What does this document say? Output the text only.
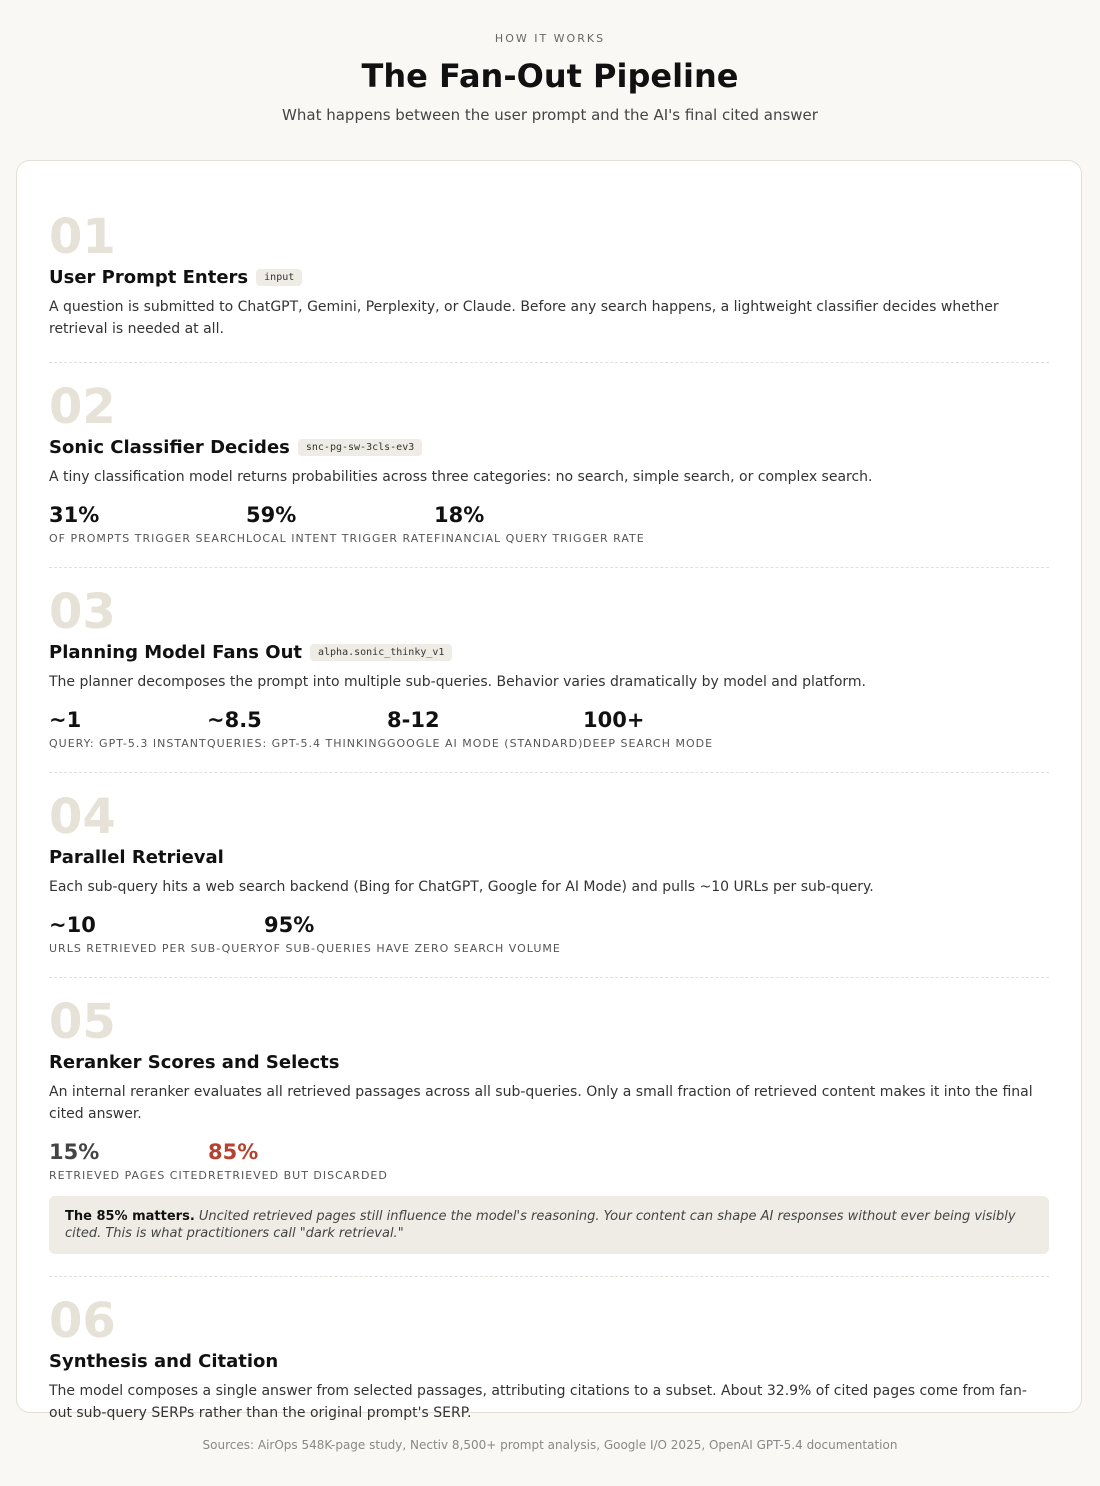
HOW IT WORKS
The Fan-Out Pipeline
What happens between the user prompt and the AI's final cited answer
01
User Prompt Enters	input
A question is submitted to ChatGPT, Gemini, Perplexity, or Claude. Before any search happens, a lightweight classifier decides whether retrieval is needed at all.
02
Sonic Classifier Decides	snc-pg-sw-3cls-ev3
A tiny classification model returns probabilities across three categories: no search, simple search, or complex search.
31%
OF PROMPTS TRIGGER SEARCH
59%
LOCAL INTENT TRIGGER RATE
18%
FINANCIAL QUERY TRIGGER RATE
03
Planning Model Fans Out	alpha.sonic_thinky_v1
The planner decomposes the prompt into multiple sub-queries. Behavior varies dramatically by model and platform.
~1
QUERY: GPT-5.3 INSTANT
~8.5
QUERIES: GPT-5.4 THINKING
8-12
GOOGLE AI MODE (STANDARD)
100+
DEEP SEARCH MODE
04
Parallel Retrieval
Each sub-query hits a web search backend (Bing for ChatGPT, Google for AI Mode) and pulls ~10 URLs per sub-query.
~10
URLS RETRIEVED PER SUB-QUERY
95%
OF SUB-QUERIES HAVE ZERO SEARCH VOLUME
05
Reranker Scores and Selects
An internal reranker evaluates all retrieved passages across all sub-queries. Only a small fraction of retrieved content makes it into the final cited answer.
15%
RETRIEVED PAGES CITED
85%
RETRIEVED BUT DISCARDED
The 85% matters. Uncited retrieved pages still influence the model's reasoning. Your content can shape AI responses without ever being visibly cited. This is what practitioners call "dark retrieval."
06
Synthesis and Citation
The model composes a single answer from selected passages, attributing citations to a subset. About 32.9% of cited pages come from fan-out sub-query SERPs rather than the original prompt's SERP.
Sources: AirOps 548K-page study, Nectiv 8,500+ prompt analysis, Google I/O 2025, OpenAI GPT-5.4 documentation
